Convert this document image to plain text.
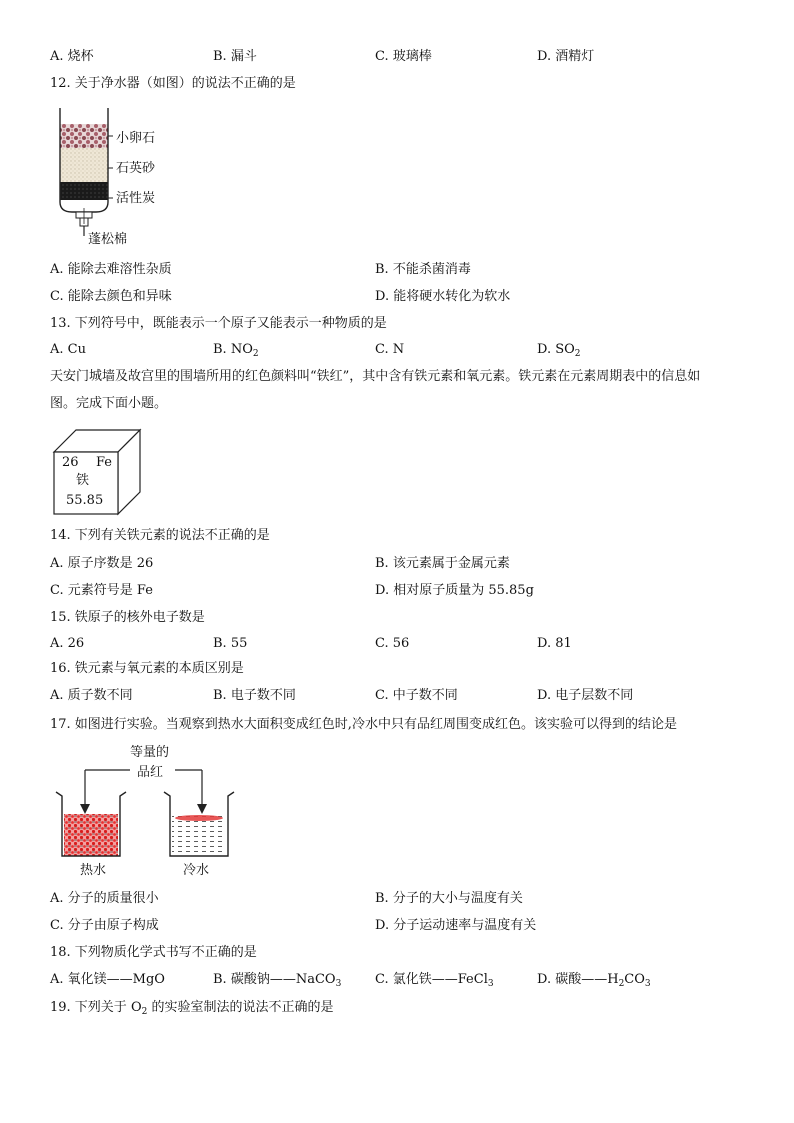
A. 烧杯	B. 漏斗	C. 玻璃棒	D. 酒精灯
12. 关于净水器（如图）的说法不正确的是
小卵石
石英砂
活性炭
蓬松棉
A. 能除去难溶性杂质	B. 不能杀菌消毒
C. 能除去颜色和异味	D. 能将硬水转化为软水
13. 下列符号中，既能表示一个原子又能表示一种物质的是
A. Cu	B. $NO_2$	C. N	D. $SO_2$
天安门城墙及故宫里的围墙所用的红色颜料叫“铁红”，其中含有铁元素和氧元素。铁元素在元素周期表中的信息如
图。完成下面小题。
26 Fe
铁
55.85
14. 下列有关铁元素的说法不正确的是
A. 原子序数是 26	B. 该元素属于金属元素
C. 元素符号是 Fe	D. 相对原子质量为 55.85g
15. 铁原子的核外电子数是
A. 26	B. 55	C. 56	D. 81
16. 铁元素与氧元素的本质区别是
A. 质子数不同	B. 电子数不同	C. 中子数不同	D. 电子层数不同
17. 如图进行实验。当观察到热水大面积变成红色时,冷水中只有品红周围变成红色。该实验可以得到的结论是
等量的
品红
热水	冷水
A. 分子的质量很小	B. 分子的大小与温度有关
C. 分子由原子构成	D. 分子运动速率与温度有关
18. 下列物质化学式书写不正确的是
A. 氧化镁——MgO	B. 碳酸钠——NaCO$_3$	C. 氯化铁——FeCl$_3$	D. 碳酸$——H_2CO_3$
19. 下列关于 $O_2$ 的实验室制法的说法不正确的是
